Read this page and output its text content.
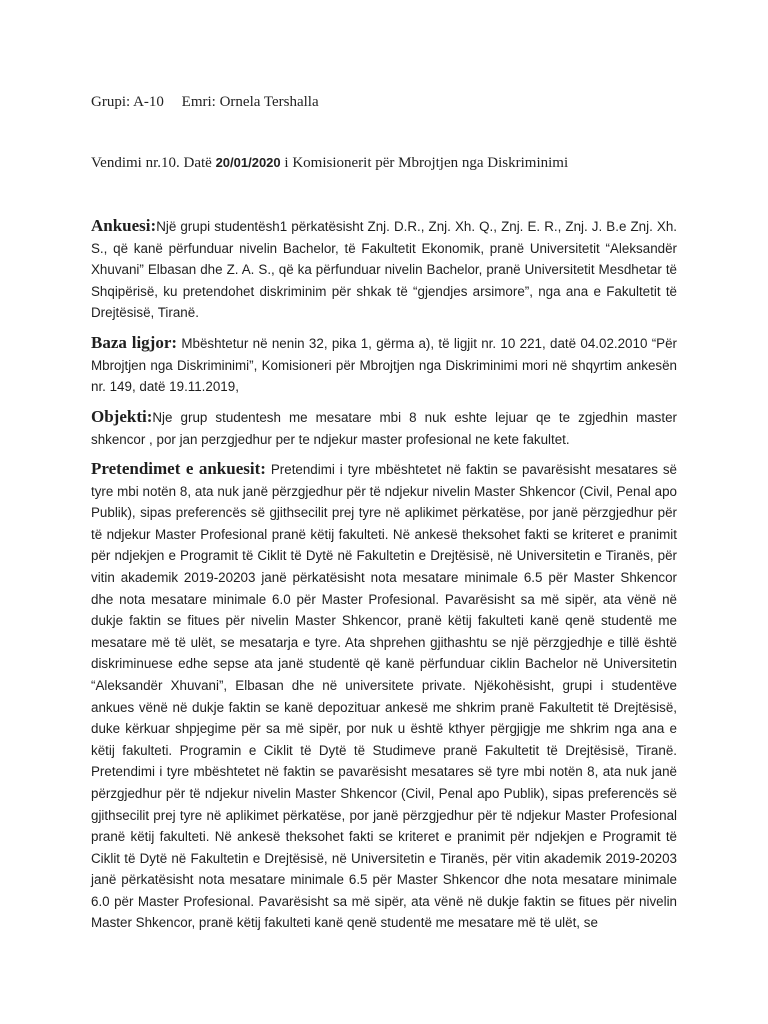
Grupi: A-10 Emri: Ornela Tershalla
Vendimi nr.10. Datë 20/01/2020 i Komisionerit për Mbrojtjen nga Diskriminimi
Ankuesi:Një grupi studentësh1 përkatësisht Znj. D.R., Znj. Xh. Q., Znj. E. R., Znj. J. B.e Znj. Xh. S., që kanë përfunduar nivelin Bachelor, të Fakultetit Ekonomik, pranë Universitetit “Aleksandër Xhuvani” Elbasan dhe Z. A. S., që ka përfunduar nivelin Bachelor, pranë Universitetit Mesdhetar të Shqipërisë, ku pretendohet diskriminim për shkak të “gjendjes arsimore”, nga ana e Fakultetit të Drejtësisë, Tiranë.
Baza ligjor: Mbështetur në nenin 32, pika 1, gërma a), të ligjit nr. 10 221, datë 04.02.2010 “Për Mbrojtjen nga Diskriminimi”, Komisioneri për Mbrojtjen nga Diskriminimi mori në shqyrtim ankesën nr. 149, datë 19.11.2019,
Objekti:Nje grup studentesh me mesatare mbi 8 nuk eshte lejuar qe te zgjedhin master shkencor , por jan perzgjedhur per te ndjekur master profesional ne kete fakultet.
Pretendimet e ankuesit: Pretendimi i tyre mbështetet në faktin se pavarësisht mesatares së tyre mbi notën 8, ata nuk janë përzgjedhur për të ndjekur nivelin Master Shkencor (Civil, Penal apo Publik), sipas preferencës së gjithsecilit prej tyre në aplikimet përkatëse, por janë përzgjedhur për të ndjekur Master Profesional pranë këtij fakulteti. Në ankesë theksohet fakti se kriteret e pranimit për ndjekjen e Programit të Ciklit të Dytë në Fakultetin e Drejtësisë, në Universitetin e Tiranës, për vitin akademik 2019-20203 janë përkatësisht nota mesatare minimale 6.5 për Master Shkencor dhe nota mesatare minimale 6.0 për Master Profesional. Pavarësisht sa më sipër, ata vënë në dukje faktin se fitues për nivelin Master Shkencor, pranë këtij fakulteti kanë qenë studentë me mesatare më të ulët, se mesatarja e tyre. Ata shprehen gjithashtu se një përzgjedhje e tillë është diskriminuese edhe sepse ata janë studentë që kanë përfunduar ciklin Bachelor në Universitetin “Aleksandër Xhuvani”, Elbasan dhe në universitete private. Njëkohësisht, grupi i studentëve ankues vënë në dukje faktin se kanë depozituar ankesë me shkrim pranë Fakultetit të Drejtësisë, duke kërkuar shpjegime për sa më sipër, por nuk u është kthyer përgjigje me shkrim nga ana e këtij fakulteti. Programin e Ciklit të Dytë të Studimeve pranë Fakultetit të Drejtësisë, Tiranë. Pretendimi i tyre mbështetet në faktin se pavarësisht mesatares së tyre mbi notën 8, ata nuk janë përzgjedhur për të ndjekur nivelin Master Shkencor (Civil, Penal apo Publik), sipas preferencës së gjithsecilit prej tyre në aplikimet përkatëse, por janë përzgjedhur për të ndjekur Master Profesional pranë këtij fakulteti. Në ankesë theksohet fakti se kriteret e pranimit për ndjekjen e Programit të Ciklit të Dytë në Fakultetin e Drejtësisë, në Universitetin e Tiranës, për vitin akademik 2019-20203 janë përkatësisht nota mesatare minimale 6.5 për Master Shkencor dhe nota mesatare minimale 6.0 për Master Profesional. Pavarësisht sa më sipër, ata vënë në dukje faktin se fitues për nivelin Master Shkencor, pranë këtij fakulteti kanë qenë studentë me mesatare më të ulët, se
